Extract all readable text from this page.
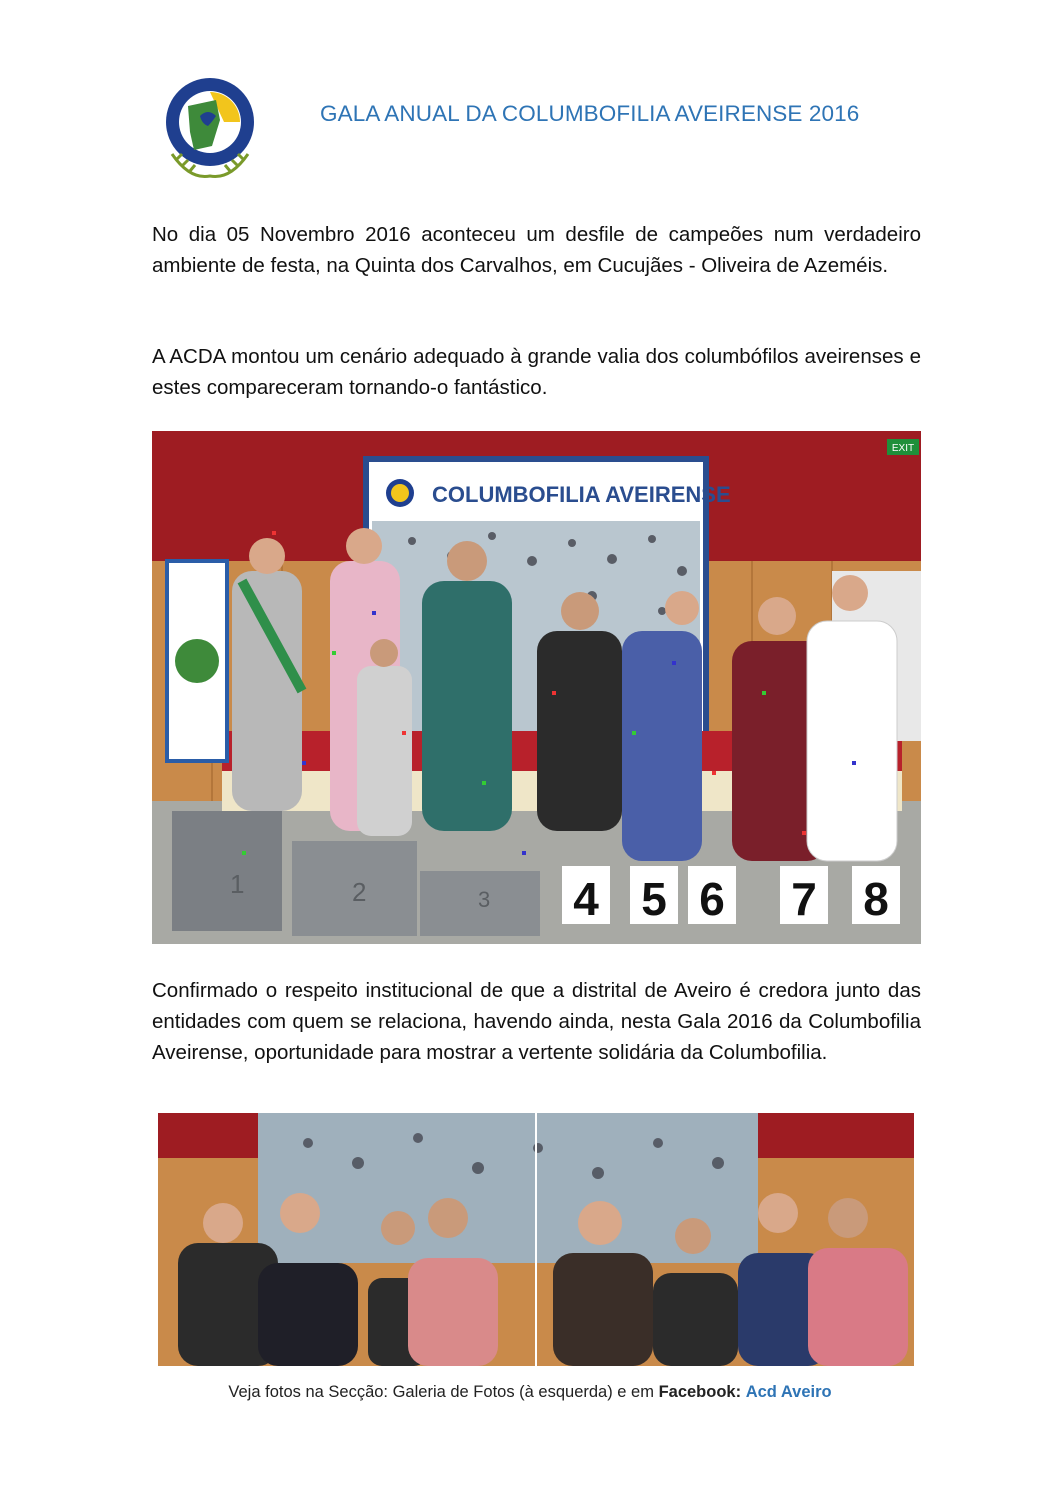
GALA ANUAL DA COLUMBOFILIA AVEIRENSE 2016
No dia 05 Novembro 2016 aconteceu um desfile de campeões num verdadeiro ambiente de festa, na Quinta dos Carvalhos, em Cucujães - Oliveira de Azeméis.
A ACDA montou um cenário adequado à grande valia dos columbófilos aveirenses e estes compareceram tornando-o fantástico.
EXIT
COLUMBOFILIA AVEIRENSE
1	2	3 4 5 6 7 8
Confirmado o respeito institucional de que a distrital de Aveiro é credora junto das entidades com quem se relaciona, havendo ainda, nesta Gala 2016 da Columbofilia Aveirense, oportunidade para mostrar a vertente solidária da Columbofilia.
Veja fotos na Secção: Galeria de Fotos (à esquerda) e em Facebook: Acd Aveiro
